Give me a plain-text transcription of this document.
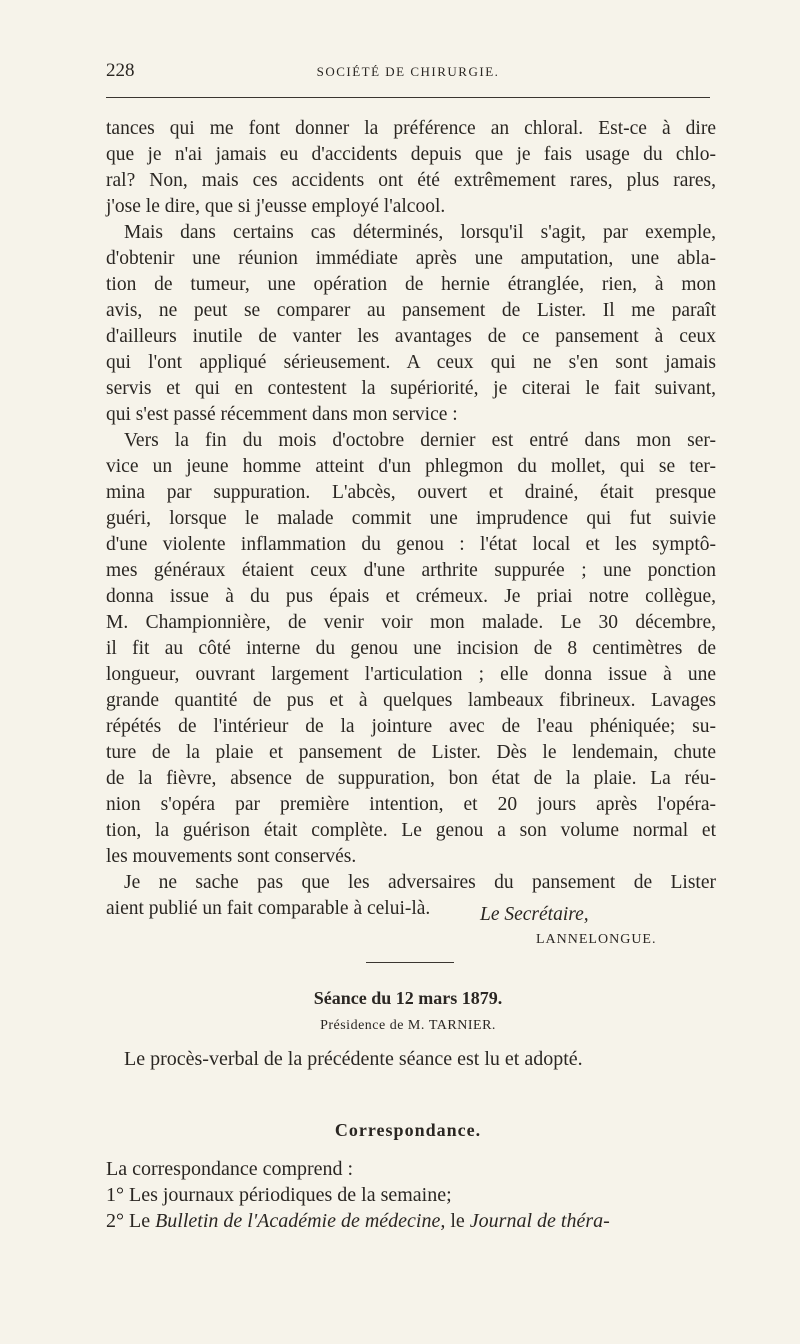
228	SOCIÉTÉ DE CHIRURGIE.
tances qui me font donner la préférence an chloral. Est-ce à dire
que je n'ai jamais eu d'accidents depuis que je fais usage du chlo-
ral? Non, mais ces accidents ont été extrêmement rares, plus rares,
j'ose le dire, que si j'eusse employé l'alcool.
Mais dans certains cas déterminés, lorsqu'il s'agit, par exemple,
d'obtenir une réunion immédiate après une amputation, une abla-
tion de tumeur, une opération de hernie étranglée, rien, à mon
avis, ne peut se comparer au pansement de Lister. Il me paraît
d'ailleurs inutile de vanter les avantages de ce pansement à ceux
qui l'ont appliqué sérieusement. A ceux qui ne s'en sont jamais
servis et qui en contestent la supériorité, je citerai le fait suivant,
qui s'est passé récemment dans mon service :
Vers la fin du mois d'octobre dernier est entré dans mon ser-
vice un jeune homme atteint d'un phlegmon du mollet, qui se ter-
mina par suppuration. L'abcès, ouvert et drainé, était presque
guéri, lorsque le malade commit une imprudence qui fut suivie
d'une violente inflammation du genou : l'état local et les symptô-
mes généraux étaient ceux d'une arthrite suppurée ; une ponction
donna issue à du pus épais et crémeux. Je priai notre collègue,
M. Championnière, de venir voir mon malade. Le 30 décembre,
il fit au côté interne du genou une incision de 8 centimètres de
longueur, ouvrant largement l'articulation ; elle donna issue à une
grande quantité de pus et à quelques lambeaux fibrineux. Lavages
répétés de l'intérieur de la jointure avec de l'eau phéniquée; su-
ture de la plaie et pansement de Lister. Dès le lendemain, chute
de la fièvre, absence de suppuration, bon état de la plaie. La réu-
nion s'opéra par première intention, et 20 jours après l'opéra-
tion, la guérison était complète. Le genou a son volume normal et
les mouvements sont conservés.
Je ne sache pas que les adversaires du pansement de Lister
aient publié un fait comparable à celui-là.	Le Secrétaire,
LANNELONGUE.
Séance du 12 mars 1879.
Présidence de M. TARNIER.
Le procès-verbal de la précédente séance est lu et adopté.
Correspondance.
La correspondance comprend :
1° Les journaux périodiques de la semaine;
2° Le Bulletin de l'Académie de médecine, le Journal de théra-
